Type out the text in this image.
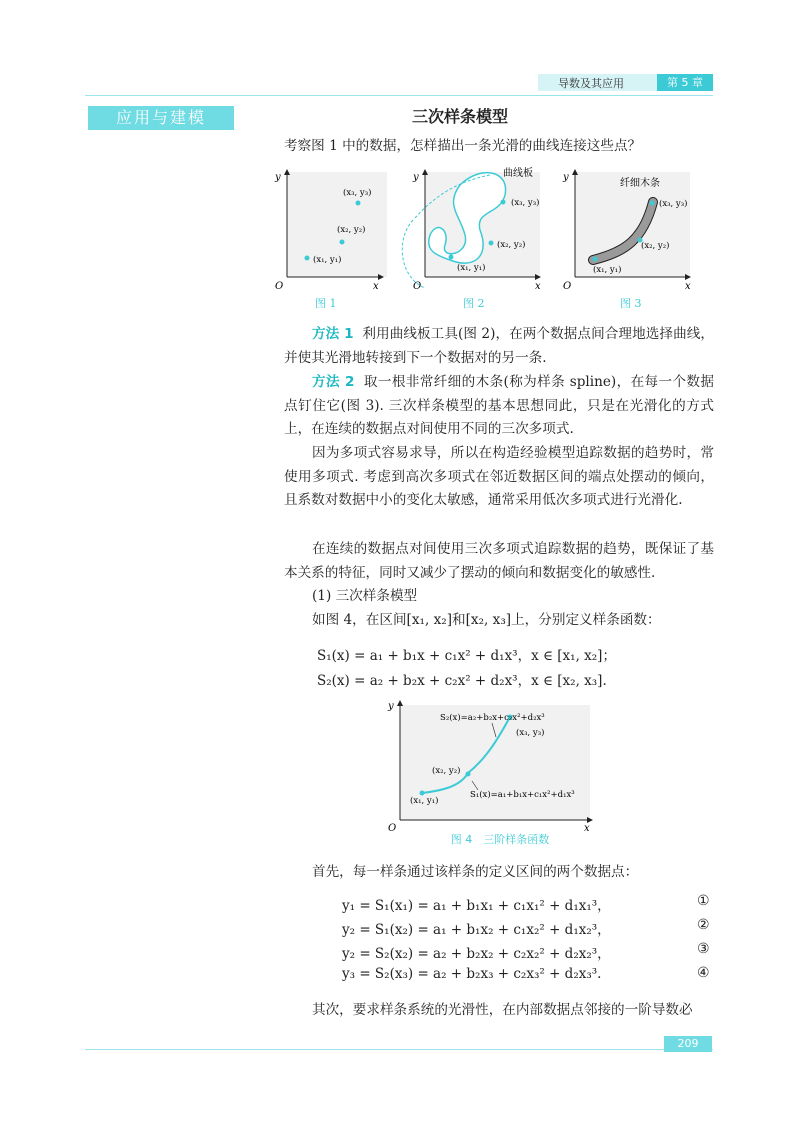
导数及其应用	第 5 章
应用与建模	三次样条模型
考察图 1 中的数据，怎样描出一条光滑的曲线连接这些点？
y
x
O
(x₁, y₁)
(x₂, y₂)
(x₃, y₃)
图 1
y
x
O
(x₁, y₁)
(x₂, y₂)
(x₃, y₃)
曲线板
图 2
y
x
O
(x₁, y₁)
(x₂, y₂)
(x₃, y₃)
纤细木条
图 3
方法 1 利用曲线板工具(图 2)，在两个数据点间合理地选择曲线，并使其光滑地转接到下一个数据对的另一条.
方法 2 取一根非常纤细的木条(称为样条 spline)，在每一个数据点钉住它(图 3). 三次样条模型的基本思想同此，只是在光滑化的方式上，在连续的数据点对间使用不同的三次多项式.
因为多项式容易求导，所以在构造经验模型追踪数据的趋势时，常使用多项式. 考虑到高次多项式在邻近数据区间的端点处摆动的倾向，且系数对数据中小的变化太敏感，通常采用低次多项式进行光滑化.
在连续的数据点对间使用三次多项式追踪数据的趋势，既保证了基本关系的特征，同时又减少了摆动的倾向和数据变化的敏感性.
(1) 三次样条模型
如图 4，在区间[x₁, x₂]和[x₂, x₃]上，分别定义样条函数：
S₁(x) = a₁ + b₁x + c₁x² + d₁x³，x ∈ [x₁, x₂]；
S₂(x) = a₂ + b₂x + c₂x² + d₂x³，x ∈ [x₂, x₃].
y
x
O
(x₁, y₁)
(x₂, y₂)
(x₃, y₃)
S₂(x)=a₂+b₂x+c₂x²+d₂x³
S₁(x)=a₁+b₁x+c₁x²+d₁x³
图 4　三阶样条函数
首先，每一样条通过该样条的定义区间的两个数据点：
y₁ = S₁(x₁) = a₁ + b₁x₁ + c₁x₁² + d₁x₁³，	①
y₂ = S₁(x₂) = a₁ + b₁x₂ + c₁x₂² + d₁x₂³，	②
y₂ = S₂(x₂) = a₂ + b₂x₂ + c₂x₂² + d₂x₂³，	③
y₃ = S₂(x₃) = a₂ + b₂x₃ + c₂x₃² + d₂x₃³.	④
其次，要求样条系统的光滑性，在内部数据点邻接的一阶导数必
209
